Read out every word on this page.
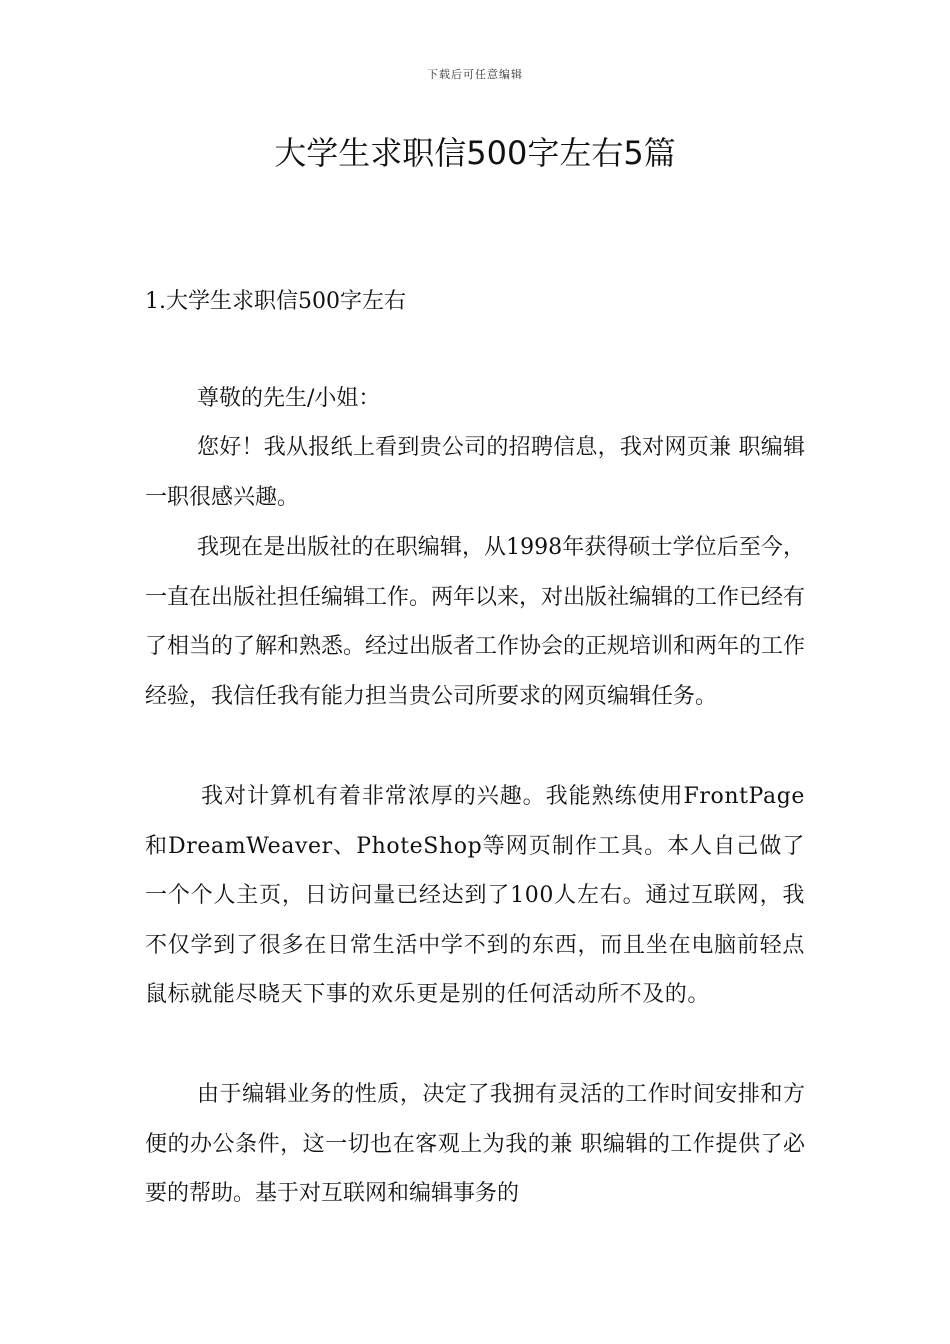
下载后可任意编辑
大学生求职信500字左右5篇
1.大学生求职信500字左右

尊敬的先生/小姐：

您好！我从报纸上看到贵公司的招聘信息，我对网页兼 职编辑一职很感兴趣。

我现在是出版社的在职编辑，从1998年获得硕士学位后至今，一直在出版社担任编辑工作。两年以来，对出版社编辑的工作已经有了相当的了解和熟悉。经过出版者工作协会的正规培训和两年的工作经验，我信任我有能力担当贵公司所要求的网页编辑任务。

我对计算机有着非常浓厚的兴趣。我能熟练使用FrontPage和DreamWeaver、PhoteShop等网页制作工具。本人自己做了一个个人主页，日访问量已经达到了100人左右。通过互联网，我不仅学到了很多在日常生活中学不到的东西，而且坐在电脑前轻点鼠标就能尽晓天下事的欢乐更是别的任何活动所不及的。

由于编辑业务的性质，决定了我拥有灵活的工作时间安排和方便的办公条件，这一切也在客观上为我的兼 职编辑的工作提供了必要的帮助。基于对互联网和编辑事务的
